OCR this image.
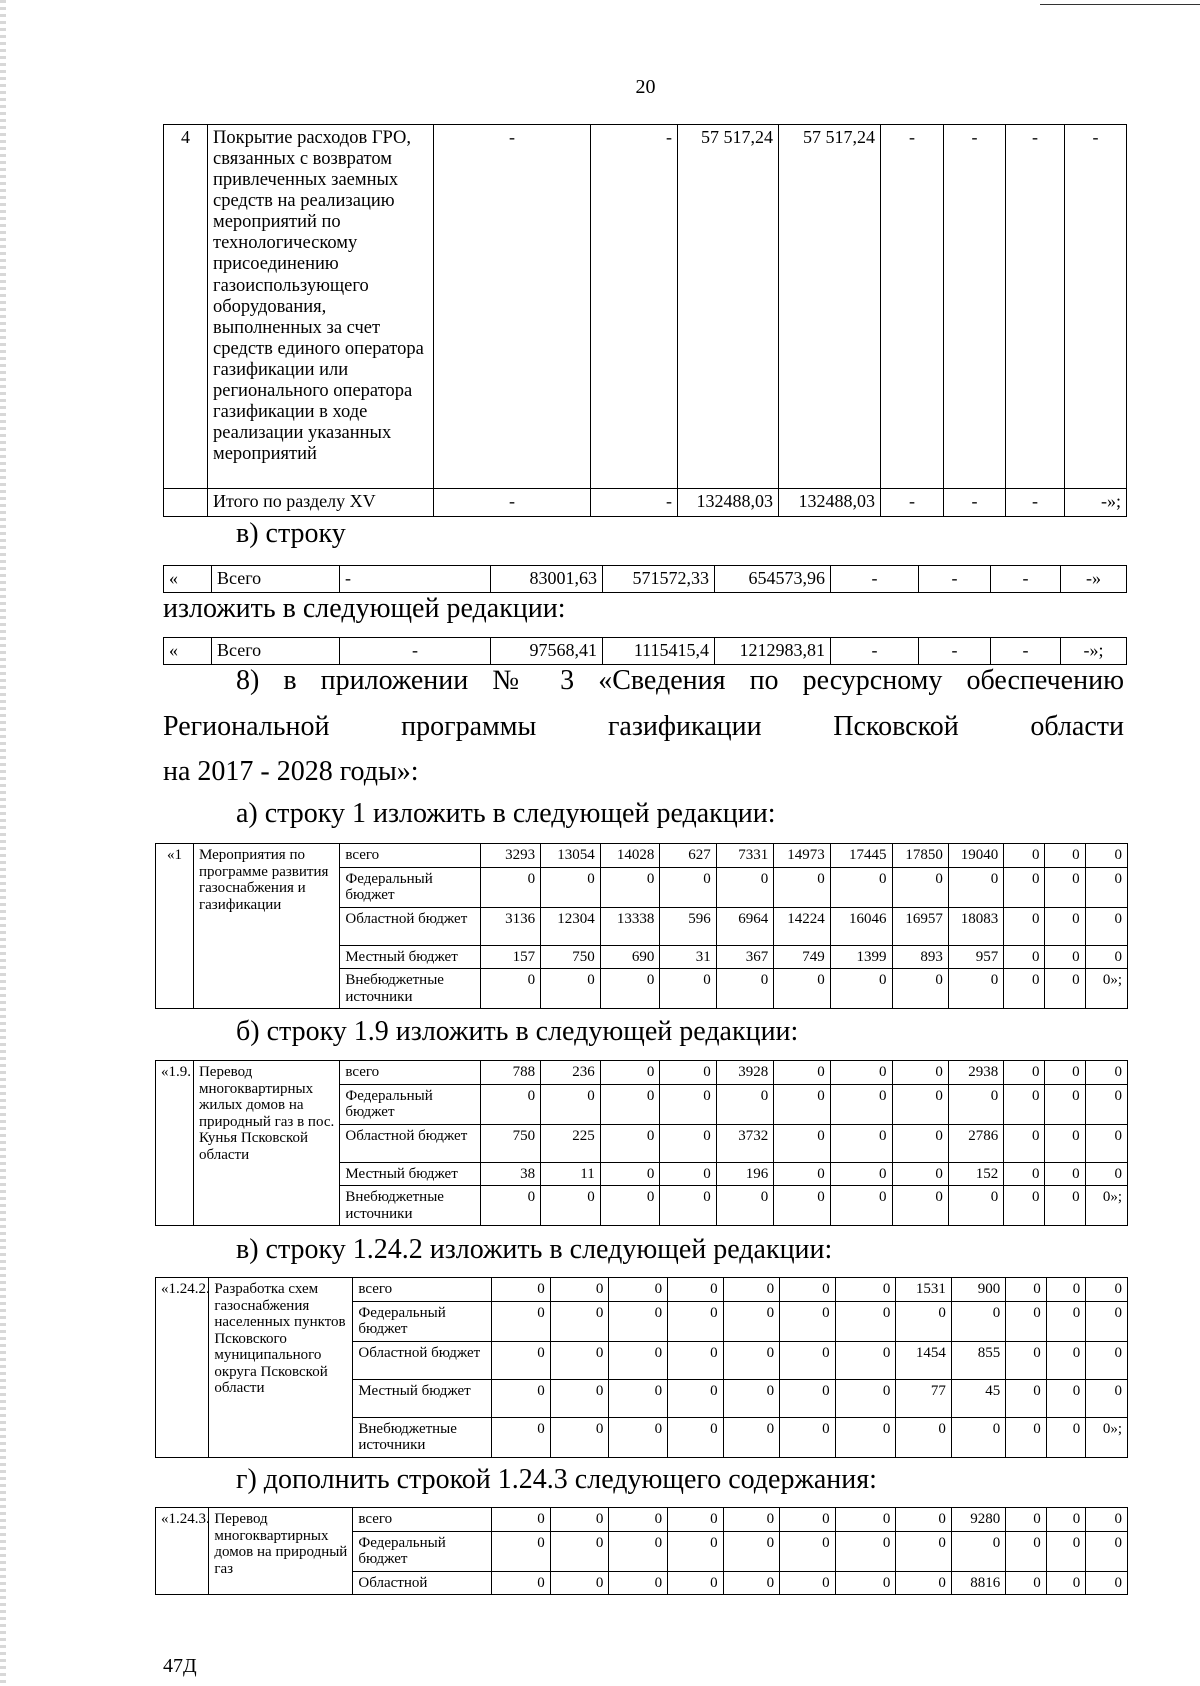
20
4	Покрытие расходов ГРО, связанных с возвратом привлеченных заемных средств на реализацию мероприятий по технологическому присоединению газоиспользующего оборудования, выполненных за счет средств единого оператора газификации или регионального оператора газификации в ходе реализации указанных мероприятий	-	-	57 517,24	57 517,24	-	-	-	-
	Итого по разделу XV	-	-	132488,03	132488,03	-	-	-	-»;
в) строку
«	Всего	-	83001,63	571572,33	654573,96	-	-	-	-»
изложить в следующей редакции:
«	Всего	-	97568,41	1115415,4	1212983,81	-	-	-	-»;
8) в приложении № 3 «Сведения по ресурсному обеспечению
Региональной программы газификации Псковской области
на 2017 - 2028 годы»:
а) строку 1 изложить в следующей редакции:
«1	Мероприятия по программе развития газоснабжения и газификации	всего	3293	13054	14028	627	7331	14973	17445	17850	19040	0	0	0
		Федеральный бюджет	0	0	0	0	0	0	0	0	0	0	0	0
		Областной бюджет	3136	12304	13338	596	6964	14224	16046	16957	18083	0	0	0
		Местный бюджет	157	750	690	31	367	749	1399	893	957	0	0	0
		Внебюджетные источники	0	0	0	0	0	0	0	0	0	0	0	0»;
б) строку 1.9 изложить в следующей редакции:
«1.9.	Перевод многоквартирных жилых домов на природный газ в пос. Кунья Псковской области	всего	788	236	0	0	3928	0	0	0	2938	0	0	0
		Федеральный бюджет	0	0	0	0	0	0	0	0	0	0	0	0
		Областной бюджет	750	225	0	0	3732	0	0	0	2786	0	0	0
		Местный бюджет	38	11	0	0	196	0	0	0	152	0	0	0
		Внебюджетные источники	0	0	0	0	0	0	0	0	0	0	0	0»;
в) строку 1.24.2 изложить в следующей редакции:
«1.24.2.	Разработка схем газоснабжения населенных пунктов Псковского муниципального округа Псковской области	всего	0	0	0	0	0	0	0	1531	900	0	0	0
		Федеральный бюджет	0	0	0	0	0	0	0	0	0	0	0	0
		Областной бюджет	0	0	0	0	0	0	0	1454	855	0	0	0
		Местный бюджет	0	0	0	0	0	0	0	77	45	0	0	0
		Внебюджетные источники	0	0	0	0	0	0	0	0	0	0	0	0»;
г) дополнить строкой 1.24.3 следующего содержания:
«1.24.3.	Перевод многоквартирных домов на природный газ	всего	0	0	0	0	0	0	0	0	9280	0	0	0
		Федеральный бюджет	0	0	0	0	0	0	0	0	0	0	0	0
		Областной	0	0	0	0	0	0	0	0	8816	0	0	0
47Д
